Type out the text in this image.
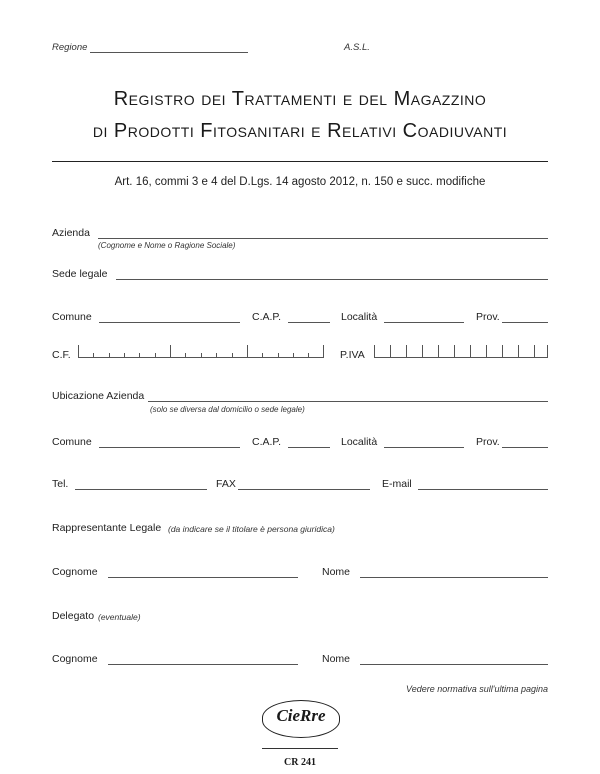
Regione	A.S.L.
Registro dei Trattamenti e del Magazzino
di Prodotti Fitosanitari e Relativi Coadiuvanti
Art. 16, commi 3 e 4 del D.Lgs. 14 agosto 2012, n. 150 e succ. modifiche
Azienda
(Cognome e Nome o Ragione Sociale)
Sede legale
Comune	C.A.P.	Località	Prov.
C.F.	P.IVA
Ubicazione Azienda
(solo se diversa dal domicilio o sede legale)
Comune	C.A.P.	Località	Prov.
Tel.	FAX	E-mail
Rappresentante Legale (da indicare se il titolare è persona giuridica)
Cognome	Nome
Delegato (eventuale)
Cognome	Nome
Vedere normativa sull'ultima pagina
CieRre
CR 241
